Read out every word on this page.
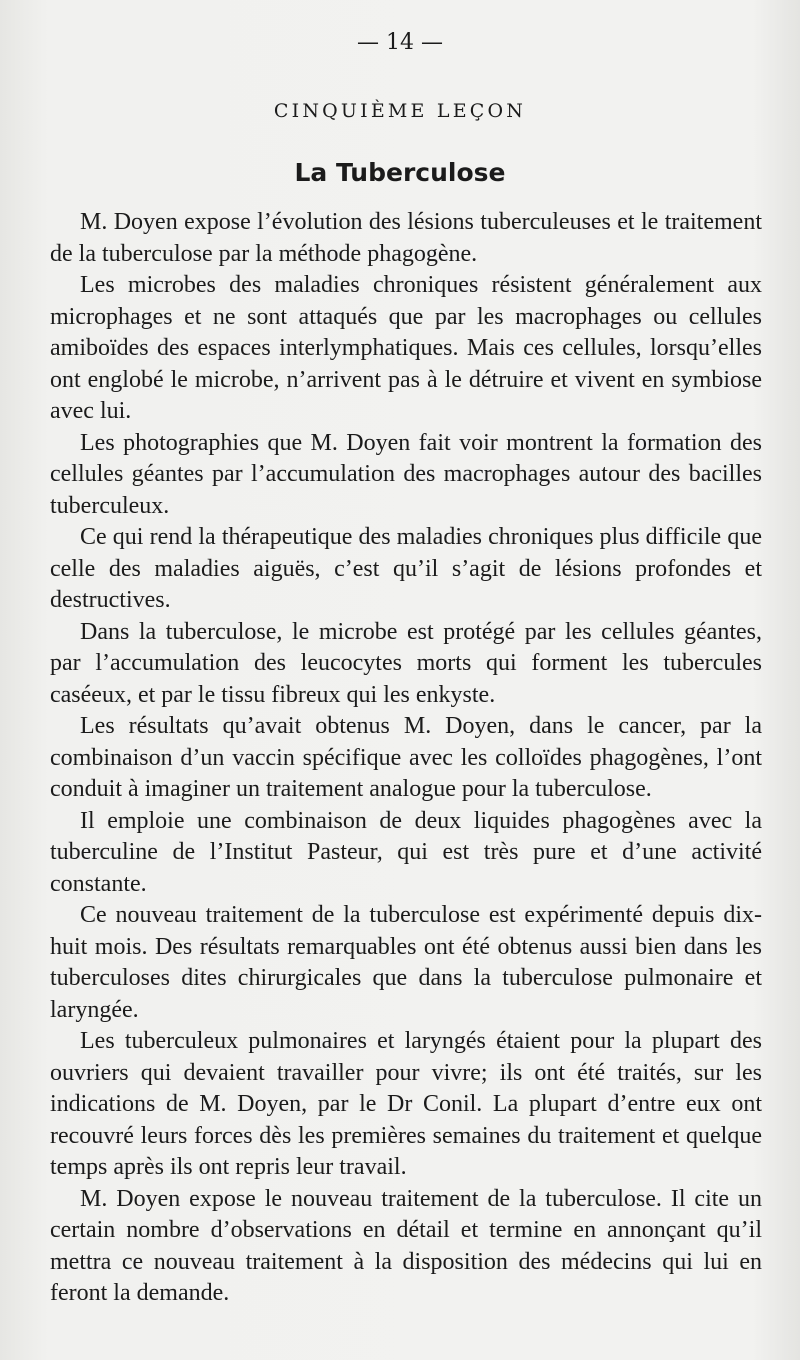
— 14 —
CINQUIÈME LEÇON
La Tuberculose

M. Doyen expose l’évolution des lésions tuberculeuses et le traitement de la tuberculose par la méthode phagogène.

Les microbes des maladies chroniques résistent généralement aux microphages et ne sont attaqués que par les macrophages ou cellules amiboïdes des espaces interlymphatiques. Mais ces cellules, lorsqu’elles ont englobé le microbe, n’arrivent pas à le détruire et vivent en symbiose avec lui.

Les photographies que M. Doyen fait voir montrent la formation des cellules géantes par l’accumulation des macrophages autour des bacilles tuberculeux.

Ce qui rend la thérapeutique des maladies chroniques plus difficile que celle des maladies aiguës, c’est qu’il s’agit de lésions profondes et destructives.

Dans la tuberculose, le microbe est protégé par les cellules géantes, par l’accumulation des leucocytes morts qui forment les tubercules caséeux, et par le tissu fibreux qui les enkyste.

Les résultats qu’avait obtenus M. Doyen, dans le cancer, par la combinaison d’un vaccin spécifique avec les colloïdes phagogènes, l’ont conduit à imaginer un traitement analogue pour la tuberculose.

Il emploie une combinaison de deux liquides phagogènes avec la tuberculine de l’Institut Pasteur, qui est très pure et d’une activité constante.

Ce nouveau traitement de la tuberculose est expérimenté depuis dix-huit mois. Des résultats remarquables ont été obtenus aussi bien dans les tuberculoses dites chirurgicales que dans la tuberculose pulmonaire et laryngée.

Les tuberculeux pulmonaires et laryngés étaient pour la plupart des ouvriers qui devaient travailler pour vivre; ils ont été traités, sur les indications de M. Doyen, par le Dr Conil. La plupart d’entre eux ont recouvré leurs forces dès les premières semaines du traitement et quelque temps après ils ont repris leur travail.

M. Doyen expose le nouveau traitement de la tuberculose. Il cite un certain nombre d’observations en détail et termine en annonçant qu’il mettra ce nouveau traitement à la disposition des médecins qui lui en feront la demande.
